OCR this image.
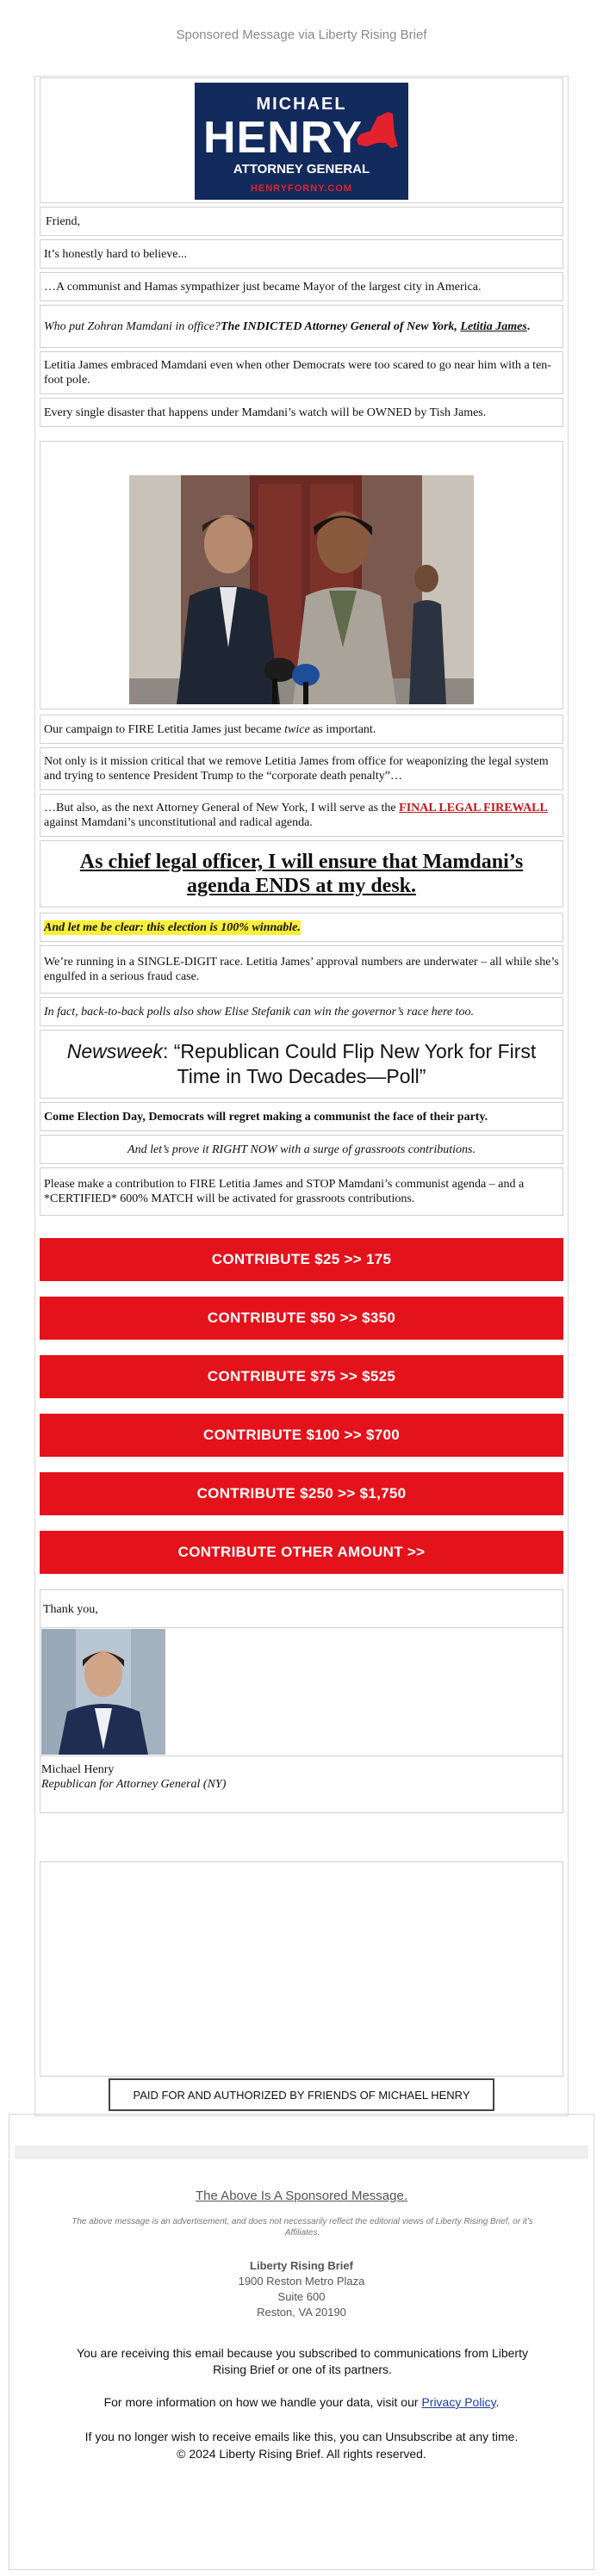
Sponsored Message via Liberty Rising Brief
MICHAEL
HENRY
ATTORNEY GENERAL
HENRYFORNY.COM
Friend,
It’s honestly hard to believe...
…A communist and Hamas sympathizer just became Mayor of the largest city in America.
Who put Zohran Mamdani in office?The INDICTED Attorney General of New York, Letitia James.
Letitia James embraced Mamdani even when other Democrats were too scared to go near him with a ten-foot pole.
Every single disaster that happens under Mamdani’s watch will be OWNED by Tish James.
Our campaign to FIRE Letitia James just became twice as important.
Not only is it mission critical that we remove Letitia James from office for weaponizing the legal system and trying to sentence President Trump to the “corporate death penalty”…
…But also, as the next Attorney General of New York, I will serve as the FINAL LEGAL FIREWALL against Mamdani’s unconstitutional and radical agenda.
As chief legal officer, I will ensure that Mamdani’s agenda ENDS at my desk.
And let me be clear: this election is 100% winnable.
We’re running in a SINGLE-DIGIT race. Letitia James’ approval numbers are underwater – all while she’s engulfed in a serious fraud case.
In fact, back-to-back polls also show Elise Stefanik can win the governor’s race here too.
Newsweek: “Republican Could Flip New York for First Time in Two Decades—Poll”
Come Election Day, Democrats will regret making a communist the face of their party.
And let’s prove it RIGHT NOW with a surge of grassroots contributions.
Please make a contribution to FIRE Letitia James and STOP Mamdani’s communist agenda – and a *CERTIFIED* 600% MATCH will be activated for grassroots contributions.
CONTRIBUTE $25 >> 175
CONTRIBUTE $50 >> $350
CONTRIBUTE $75 >> $525
CONTRIBUTE $100 >> $700
CONTRIBUTE $250 >> $1,750
CONTRIBUTE OTHER AMOUNT >>
Thank you,
Michael Henry
Republican for Attorney General (NY)
PAID FOR AND AUTHORIZED BY FRIENDS OF MICHAEL HENRY
The Above Is A Sponsored Message.
The above message is an advertisement, and does not necessarily reflect the editorial views of Liberty Rising Brief, or it's Affiliates.
Liberty Rising Brief
1900 Reston Metro Plaza
Suite 600
Reston, VA 20190
You are receiving this email because you subscribed to communications from Liberty Rising Brief or one of its partners.
For more information on how we handle your data, visit our Privacy Policy.
If you no longer wish to receive emails like this, you can Unsubscribe at any time.
© 2024 Liberty Rising Brief. All rights reserved.
